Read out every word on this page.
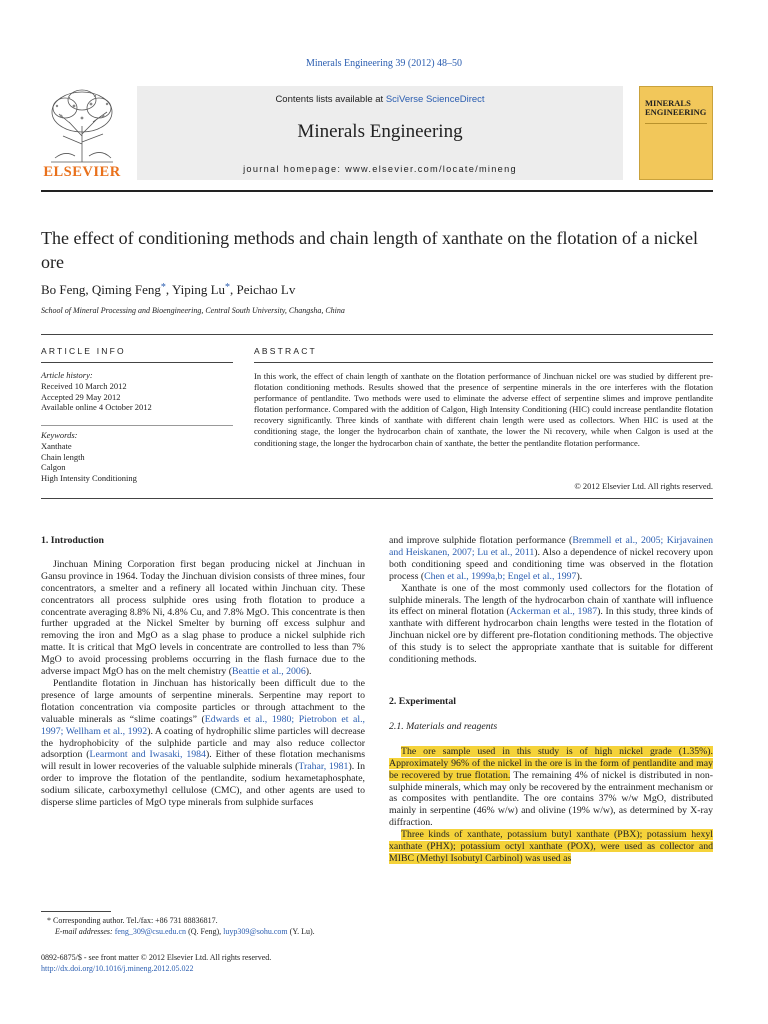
Minerals Engineering 39 (2012) 48–50
ELSEVIER
Contents lists available at SciVerse ScienceDirect
Minerals Engineering
journal homepage: www.elsevier.com/locate/mineng
MINERALS
ENGINEERING
The effect of conditioning methods and chain length of xanthate on the flotation of a nickel ore
Bo Feng, Qiming Feng*, Yiping Lu*, Peichao Lv
School of Mineral Processing and Bioengineering, Central South University, Changsha, China
ARTICLE INFO	ABSTRACT
Article history:
Received 10 March 2012
Accepted 29 May 2012
Available online 4 October 2012
Keywords:
Xanthate
Chain length
Calgon
High Intensity Conditioning
In this work, the effect of chain length of xanthate on the flotation performance of Jinchuan nickel ore was studied by different pre-flotation conditioning methods. Results showed that the presence of serpentine minerals in the ore interferes with the flotation performance of pentlandite. Two methods were used to eliminate the adverse effect of serpentine slimes and improve pentlandite flotation performance. Compared with the addition of Calgon, High Intensity Conditioning (HIC) could increase pentlandite flotation recovery significantly. Three kinds of xanthate with different chain length were used as collectors. When HIC is used at the conditioning stage, the longer the hydrocarbon chain of xanthate, the lower the Ni recovery, while when Calgon is used at the conditioning stage, the longer the hydrocarbon chain of xanthate, the better the pentlandite flotation performance.
© 2012 Elsevier Ltd. All rights reserved.
1. Introduction

Jinchuan Mining Corporation first began producing nickel at Jinchuan in Gansu province in 1964. Today the Jinchuan division consists of three mines, four concentrators, a smelter and a refinery all located within Jinchuan city. These concentrators all process sulphide ores using froth flotation to produce a concentrate averaging 8.8% Ni, 4.8% Cu, and 7.8% MgO. This concentrate is then further upgraded at the Nickel Smelter by burning off excess sulphur and removing the iron and MgO as a slag phase to produce a nickel sulphide rich matte. It is critical that MgO levels in concentrate are controlled to less than 7% MgO to avoid processing problems occurring in the flash furnace due to the adverse impact MgO has on the melt chemistry (Beattie et al., 2006).

Pentlandite flotation in Jinchuan has historically been difficult due to the presence of large amounts of serpentine minerals. Serpentine may report to flotation concentration via composite particles or through attachment to the valuable minerals as “slime coatings” (Edwards et al., 1980; Pietrobon et al., 1997; Wellham et al., 1992). A coating of hydrophilic slime particles will decrease the hydrophobicity of the sulphide particle and may also reduce collector adsorption (Learmont and Iwasaki, 1984). Either of these flotation mechanisms will result in lower recoveries of the valuable sulphide minerals (Trahar, 1981). In order to improve the flotation of the pentlandite, sodium hexametaphosphate, sodium silicate, carboxymethyl cellulose (CMC), and other agents are used to disperse slime particles of MgO type minerals from sulphide surfaces

and improve sulphide flotation performance (Bremmell et al., 2005; Kirjavainen and Heiskanen, 2007; Lu et al., 2011). Also a dependence of nickel recovery upon both conditioning speed and conditioning time was observed in the flotation process (Chen et al., 1999a,b; Engel et al., 1997).

Xanthate is one of the most commonly used collectors for the flotation of sulphide minerals. The length of the hydrocarbon chain of xanthate will influence its effect on mineral flotation (Ackerman et al., 1987). In this study, three kinds of xanthate with different hydrocarbon chain lengths were tested in the flotation of Jinchuan nickel ore by different pre-flotation conditioning methods. The objective of this study is to select the appropriate xanthate that is suitable for different conditioning methods.

2. Experimental
2.1. Materials and reagents

The ore sample used in this study is of high nickel grade (1.35%). Approximately 96% of the nickel in the ore is in the form of pentlandite and may be recovered by true flotation. The remaining 4% of nickel is distributed in non-sulphide minerals, which may only be recovered by the entrainment mechanism or as composites with pentlandite. The ore contains 37% w/w MgO, distributed mainly in serpentine (46% w/w) and olivine (19% w/w), as determined by X-ray diffraction.

Three kinds of xanthate, potassium butyl xanthate (PBX); potassium hexyl xanthate (PHX); potassium octyl xanthate (POX), were used as collector and MIBC (Methyl Isobutyl Carbinol) was used as

* Corresponding author. Tel./fax: +86 731 88836817.
E-mail addresses: feng_309@csu.edu.cn (Q. Feng), luyp309@sohu.com (Y. Lu).
0892-6875/$ - see front matter © 2012 Elsevier Ltd. All rights reserved.
http://dx.doi.org/10.1016/j.mineng.2012.05.022
